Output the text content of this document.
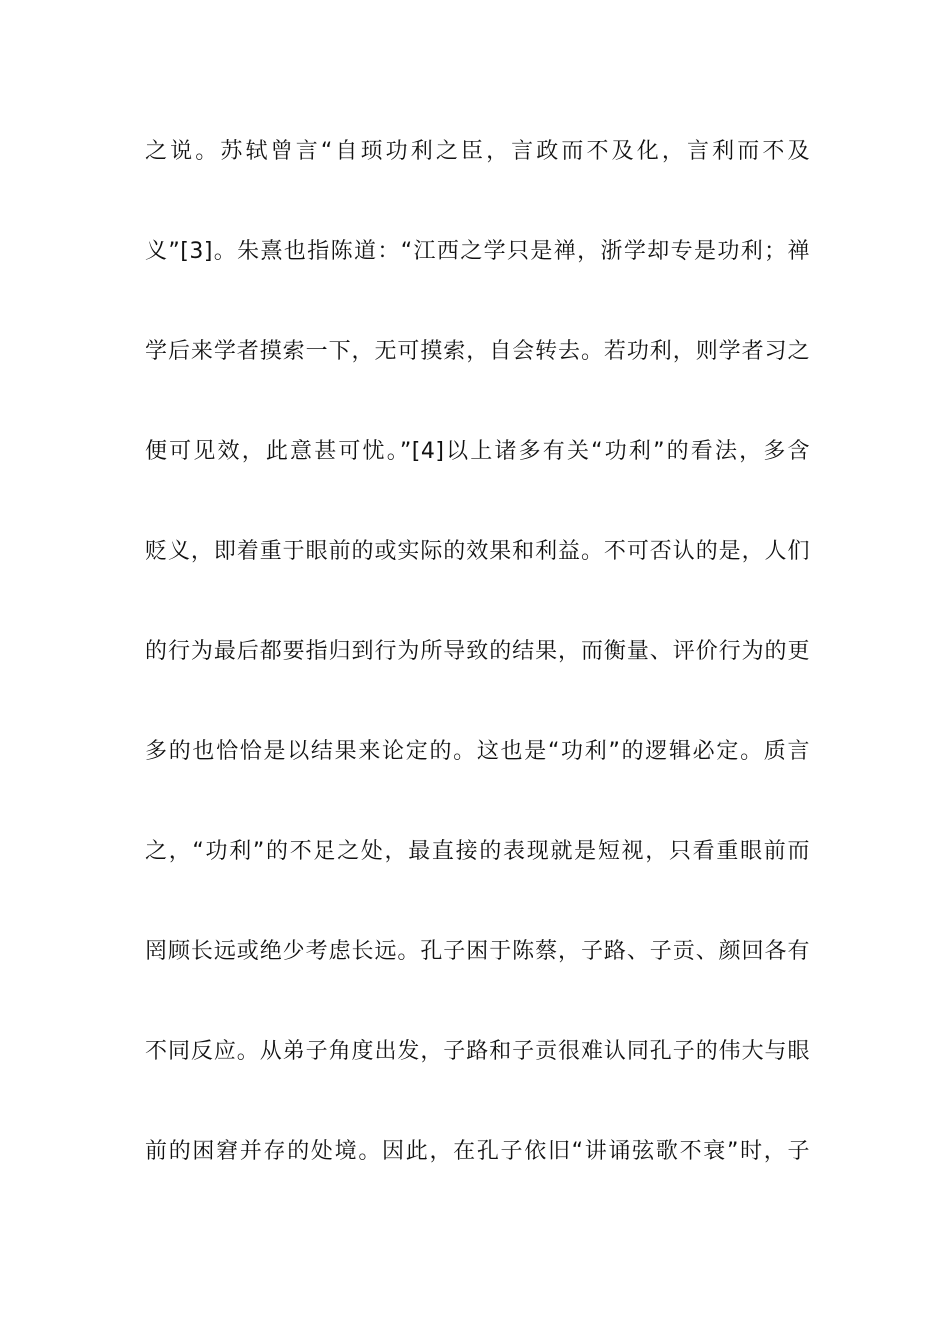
之说。苏轼曾言“自顼功利之臣，言政而不及化，言利而不及
义”[3]。朱熹也指陈道：“江西之学只是禅，浙学却专是功利；禅
学后来学者摸索一下，无可摸索，自会转去。若功利，则学者习之
便可见效，此意甚可忧。”[4]以上诸多有关“功利”的看法，多含
贬义，即着重于眼前的或实际的效果和利益。不可否认的是，人们
的行为最后都要指归到行为所导致的结果，而衡量、评价行为的更
多的也恰恰是以结果来论定的。这也是“功利”的逻辑必定。质言
之，“功利”的不足之处，最直接的表现就是短视，只看重眼前而
罔顾长远或绝少考虑长远。孔子困于陈蔡，子路、子贡、颜回各有
不同反应。从弟子角度出发，子路和子贡很难认同孔子的伟大与眼
前的困窘并存的处境。因此，在孔子依旧“讲诵弦歌不衰”时，子
